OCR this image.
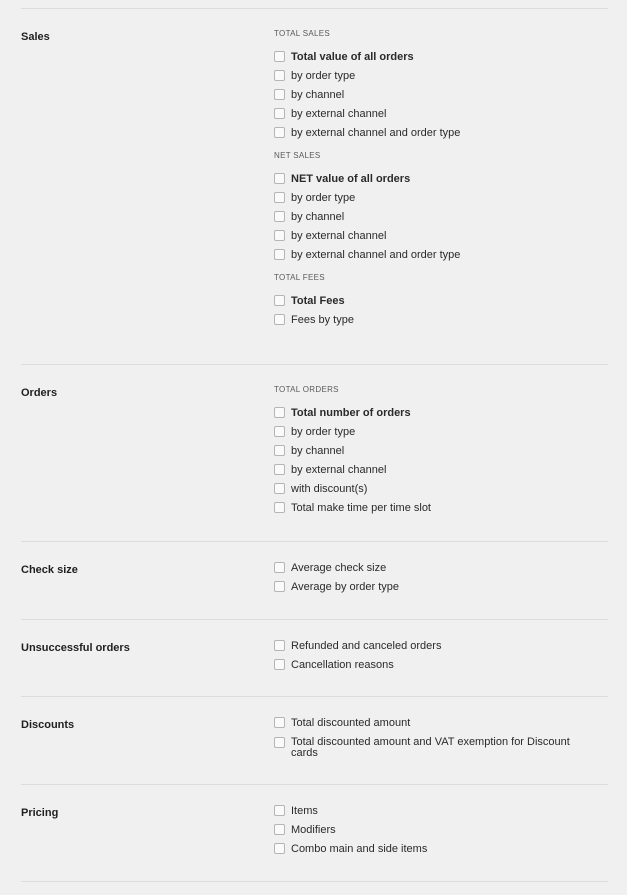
Sales	TOTAL SALES
Total value of all orders
by order type
by channel
by external channel
by external channel and order type
NET SALES
NET value of all orders
by order type
by channel
by external channel
by external channel and order type
TOTAL FEES
Total Fees
Fees by type
Orders	TOTAL ORDERS
Total number of orders
by order type
by channel
by external channel
with discount(s)
Total make time per time slot
Check size	Average check size
Average by order type
Unsuccessful orders	Refunded and canceled orders
Cancellation reasons
Discounts	Total discounted amount
Total discounted amount and VAT exemption for Discount cards
Pricing	Items
Modifiers
Combo main and side items
